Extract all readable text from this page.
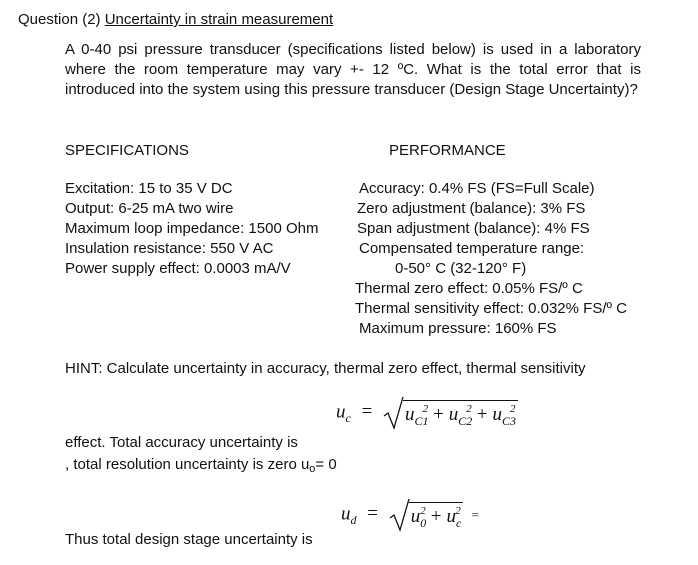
Question (2) Uncertainty in strain measurement
A 0-40 psi pressure transducer (specifications listed below) is used in a laboratory where the room temperature may vary +- 12 ºC. What is the total error that is introduced into the system using this pressure transducer (Design Stage Uncertainty)?
SPECIFICATIONS	PERFORMANCE
Excitation: 15 to 35 V DC
Output: 6-25 mA two wire
Maximum loop impedance: 1500 Ohm
Insulation resistance: 550 V AC
Power supply effect: 0.0003 mA/V
Accuracy: 0.4% FS (FS=Full Scale)
Zero adjustment (balance): 3% FS
Span adjustment (balance): 4% FS
Compensated temperature range:
0-50° C (32-120° F)
Thermal zero effect: 0.05% FS/º C
Thermal sensitivity effect: 0.032% FS/º C
Maximum pressure: 160% FS
HINT: Calculate uncertainty in accuracy, thermal zero effect, thermal sensitivity
$u_c = u_{C1}^2 + u_{C2}^2 + u_{C3}^2$
effect. Total accuracy uncertainty is
, total resolution uncertainty is zero $u_o= 0$
$u_d = u_0^2 + u_c^2$ =
Thus total design stage uncertainty is
